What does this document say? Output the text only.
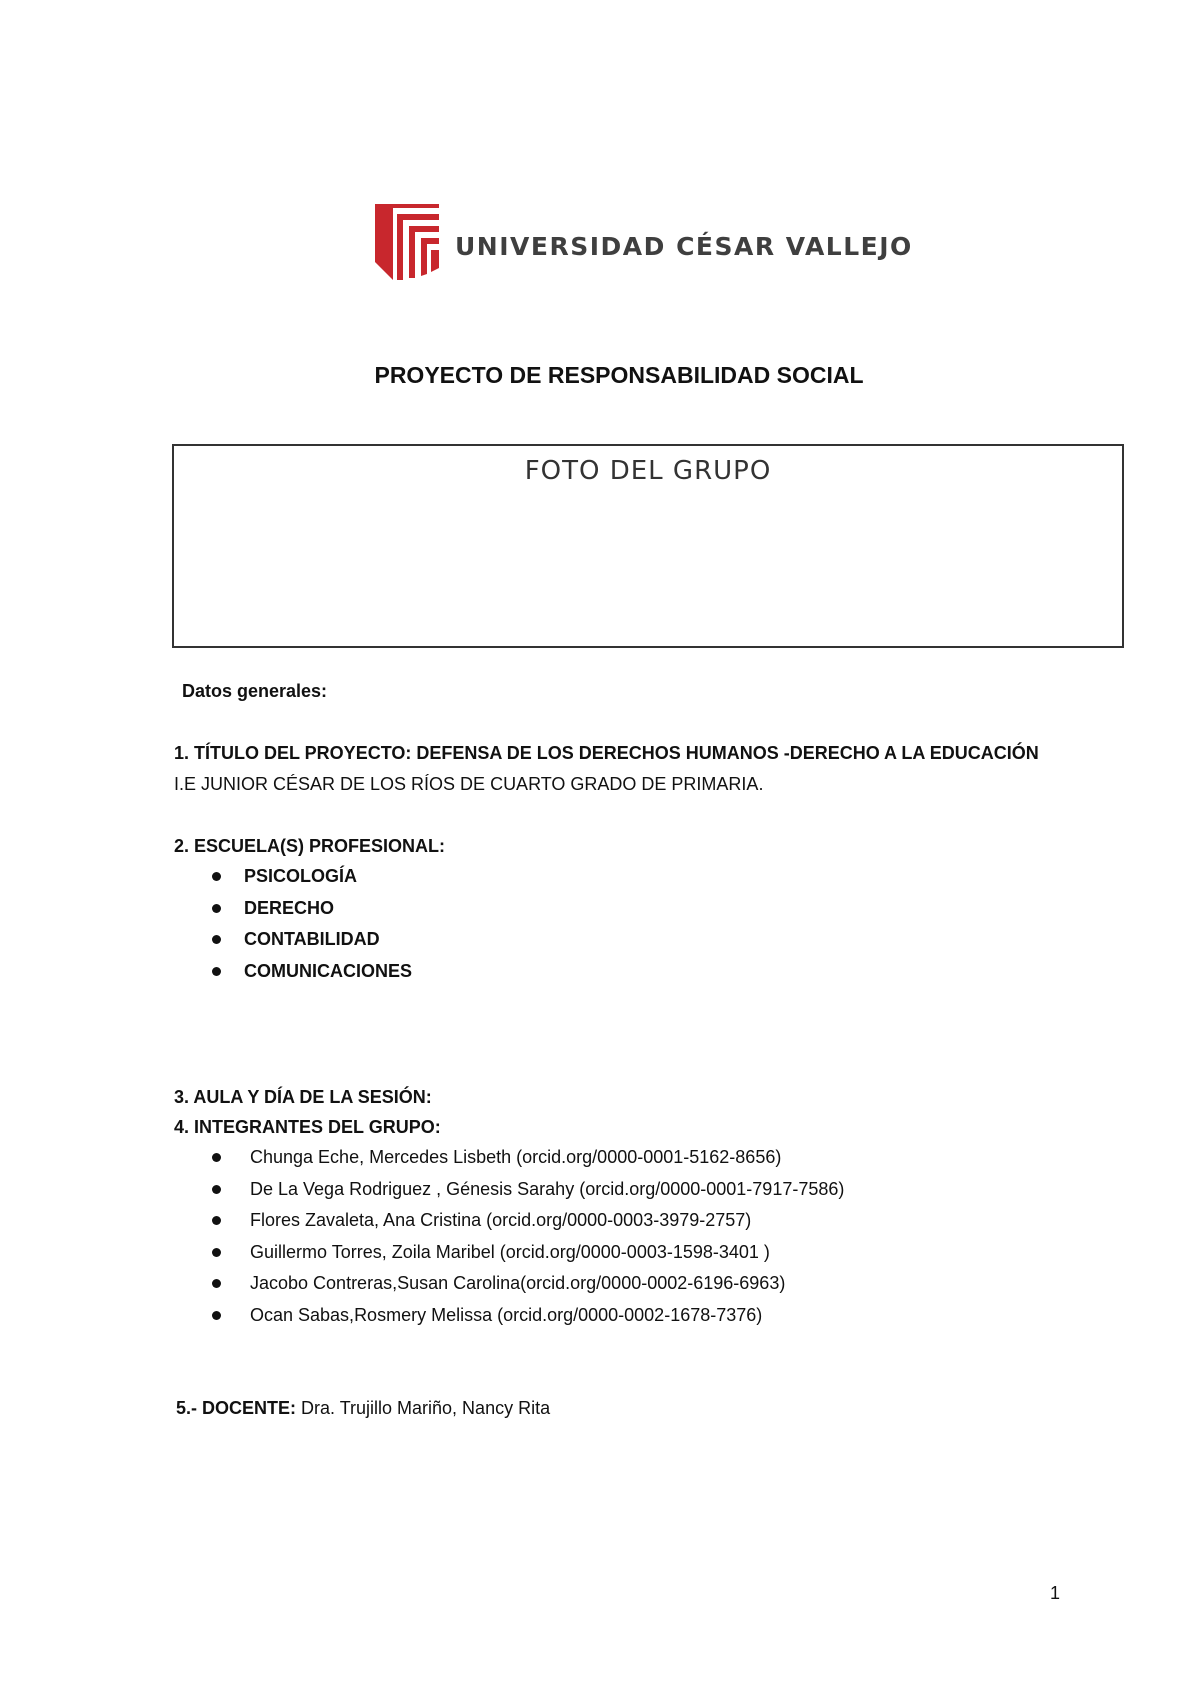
UNIVERSIDAD CÉSAR VALLEJO
PROYECTO DE RESPONSABILIDAD SOCIAL
FOTO DEL GRUPO
Datos generales:
1. TÍTULO DEL PROYECTO: DEFENSA DE LOS DERECHOS HUMANOS -DERECHO A LA EDUCACIÓN
I.E JUNIOR CÉSAR DE LOS RÍOS DE CUARTO GRADO DE PRIMARIA.
2. ESCUELA(S) PROFESIONAL:
PSICOLOGÍA
DERECHO
CONTABILIDAD
COMUNICACIONES
3. AULA Y DÍA DE LA SESIÓN:
4. INTEGRANTES DEL GRUPO:
Chunga Eche, Mercedes Lisbeth (orcid.org/0000-0001-5162-8656)
De La Vega Rodriguez , Génesis Sarahy (orcid.org/0000-0001-7917-7586)
Flores Zavaleta, Ana Cristina (orcid.org/0000-0003-3979-2757)
Guillermo Torres, Zoila Maribel (orcid.org/0000-0003-1598-3401 )
Jacobo Contreras,Susan Carolina(orcid.org/0000-0002-6196-6963)
Ocan Sabas,Rosmery Melissa (orcid.org/0000-0002-1678-7376)
5.- DOCENTE: Dra. Trujillo Mariño, Nancy Rita
1
